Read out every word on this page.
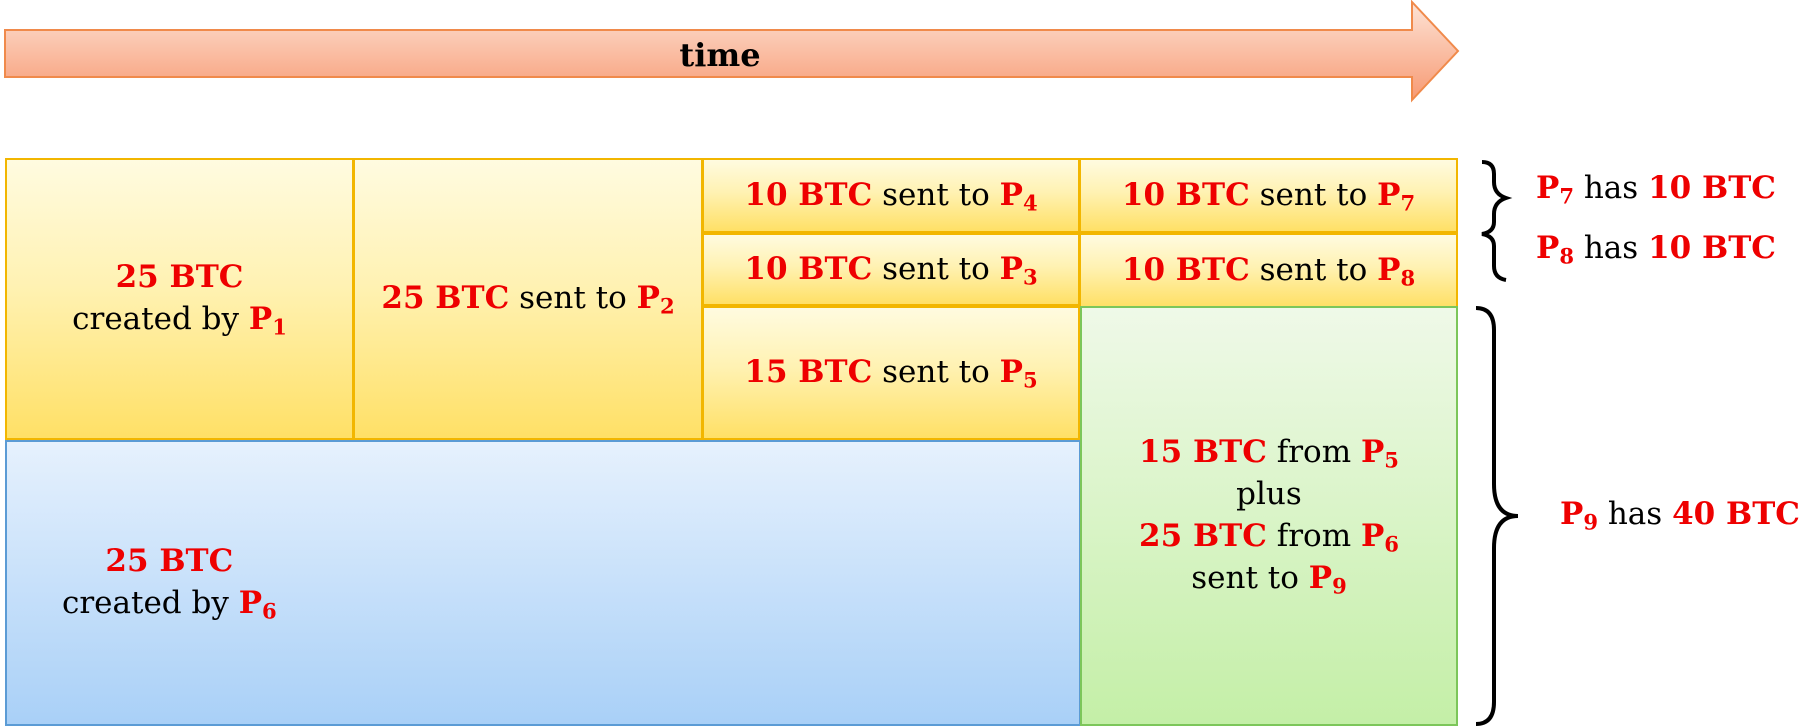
time
25 BTC
created by $P_1$
25 BTC sent to $P_2$
10 BTC sent to $P_4$
10 BTC sent to $P_3$
15 BTC sent to $P_5$
10 BTC sent to $P_7$
10 BTC sent to $P_8$
25 BTC
created by $P_6$
15 BTC from $P_5$
plus
25 BTC from $P_6$
sent to $P_9$
$P_7$ has 10 BTC
$P_8$ has 10 BTC
$P_9$ has 40 BTC
